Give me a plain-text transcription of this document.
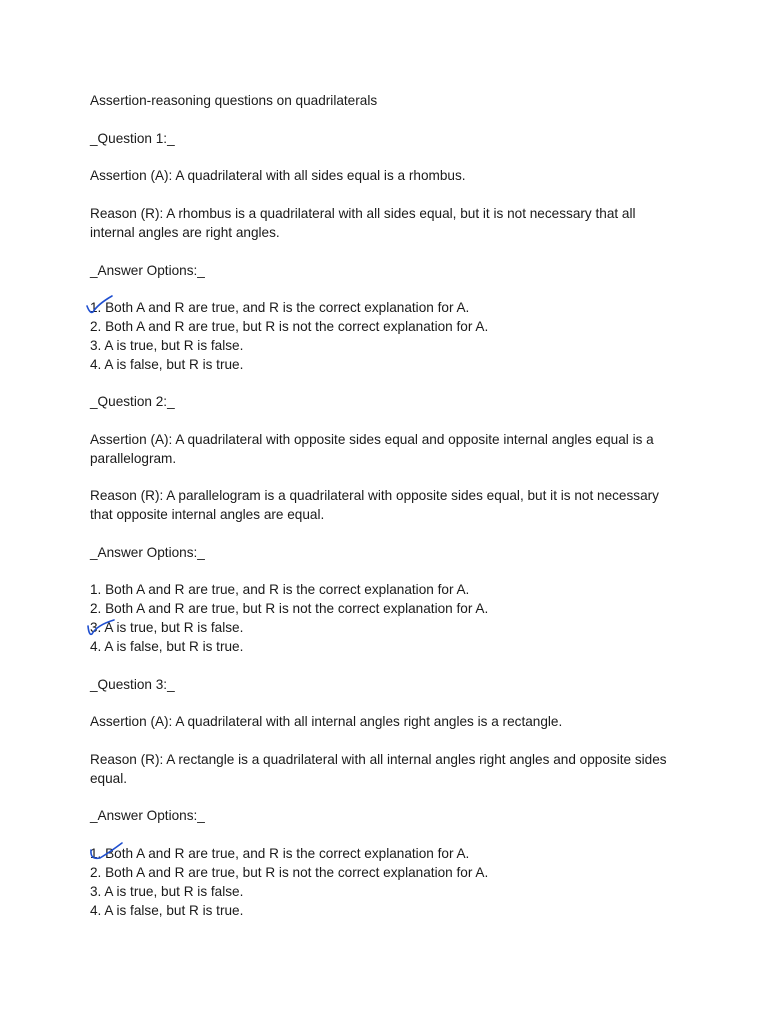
Assertion-reasoning questions on quadrilaterals
_Question 1:_
Assertion (A): A quadrilateral with all sides equal is a rhombus.
Reason (R): A rhombus is a quadrilateral with all sides equal, but it is not necessary that all
internal angles are right angles.
_Answer Options:_
1. Both A and R are true, and R is the correct explanation for A.
2. Both A and R are true, but R is not the correct explanation for A.
3. A is true, but R is false.
4. A is false, but R is true.
_Question 2:_
Assertion (A): A quadrilateral with opposite sides equal and opposite internal angles equal is a
parallelogram.
Reason (R): A parallelogram is a quadrilateral with opposite sides equal, but it is not necessary
that opposite internal angles are equal.
_Answer Options:_
1. Both A and R are true, and R is the correct explanation for A.
2. Both A and R are true, but R is not the correct explanation for A.
3. A is true, but R is false.
4. A is false, but R is true.
_Question 3:_
Assertion (A): A quadrilateral with all internal angles right angles is a rectangle.
Reason (R): A rectangle is a quadrilateral with all internal angles right angles and opposite sides
equal.
_Answer Options:_
1. Both A and R are true, and R is the correct explanation for A.
2. Both A and R are true, but R is not the correct explanation for A.
3. A is true, but R is false.
4. A is false, but R is true.
